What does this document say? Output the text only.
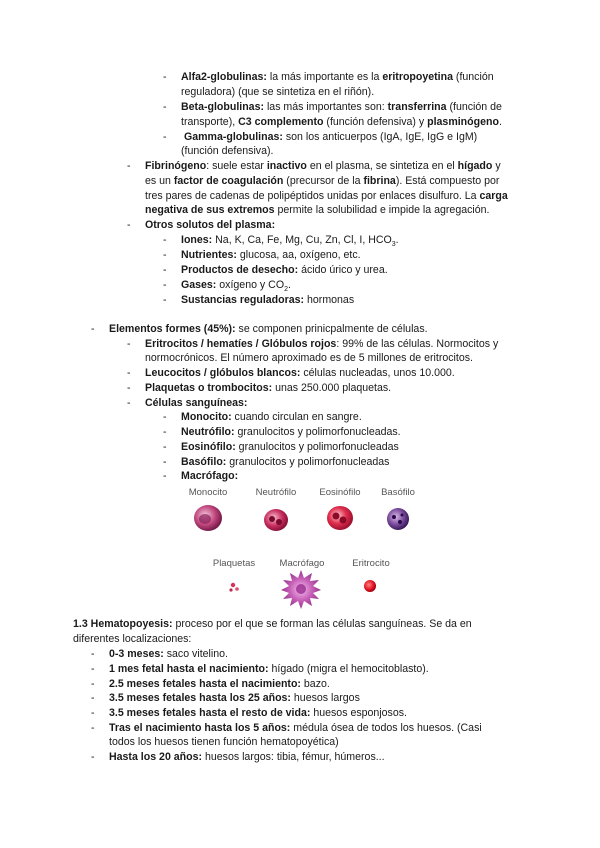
- Alfa2-globulinas: la más importante es la eritropoyetina (función
reguladora) (que se sintetiza en el riñón).
- Beta-globulinas: las más importantes son: transferrina (función de
transporte), C3 complemento (función defensiva) y plasminógeno.
- Gamma-globulinas: son los anticuerpos (IgA, IgE, IgG e IgM)
(función defensiva).
- Fibrinógeno: suele estar inactivo en el plasma, se sintetiza en el hígado y
es un factor de coagulación (precursor de la fibrina). Está compuesto por
tres pares de cadenas de polipéptidos unidas por enlaces disulfuro. La carga
negativa de sus extremos permite la solubilidad e impide la agregación.
- Otros solutos del plasma:
- Iones: Na, K, Ca, Fe, Mg, Cu, Zn, Cl, I, $HCO_3$.
- Nutrientes: glucosa, aa, oxígeno, etc.
- Productos de desecho: ácido úrico y urea.
- Gases: oxígeno y $CO_2$.
- Sustancias reguladoras: hormonas
- Elementos formes (45%): se componen prinicpalmente de células.
- Eritrocitos / hematíes / Glóbulos rojos: 99% de las células. Normocitos y
normocrónicos. El número aproximado es de 5 millones de eritrocitos.
- Leucocitos / glóbulos blancos: células nucleadas, unos 10.000.
- Plaquetas o trombocitos: unas 250.000 plaquetas.
- Células sanguíneas:
- Monocito: cuando circulan en sangre.
- Neutrófilo: granulocitos y polimorfonucleadas.
- Eosinófilo: granulocitos y polimorfonucleadas
- Basófilo: granulocitos y polimorfonucleadas
- Macrófago:
Monocito	Neutrófilo	Eosinófilo	Basófilo
Plaquetas	Macrófago	Eritrocito
1.3 Hematopoyesis: proceso por el que se forman las células sanguíneas. Se da en
diferentes localizaciones:
- 0-3 meses: saco vitelino.
- 1 mes fetal hasta el nacimiento: hígado (migra el hemocitoblasto).
- 2.5 meses fetales hasta el nacimiento: bazo.
- 3.5 meses fetales hasta los 25 años: huesos largos
- 3.5 meses fetales hasta el resto de vida: huesos esponjosos.
- Tras el nacimiento hasta los 5 años: médula ósea de todos los huesos. (Casi
todos los huesos tienen función hematopoyética)
- Hasta los 20 años: huesos largos: tibia, fémur, húmeros...
